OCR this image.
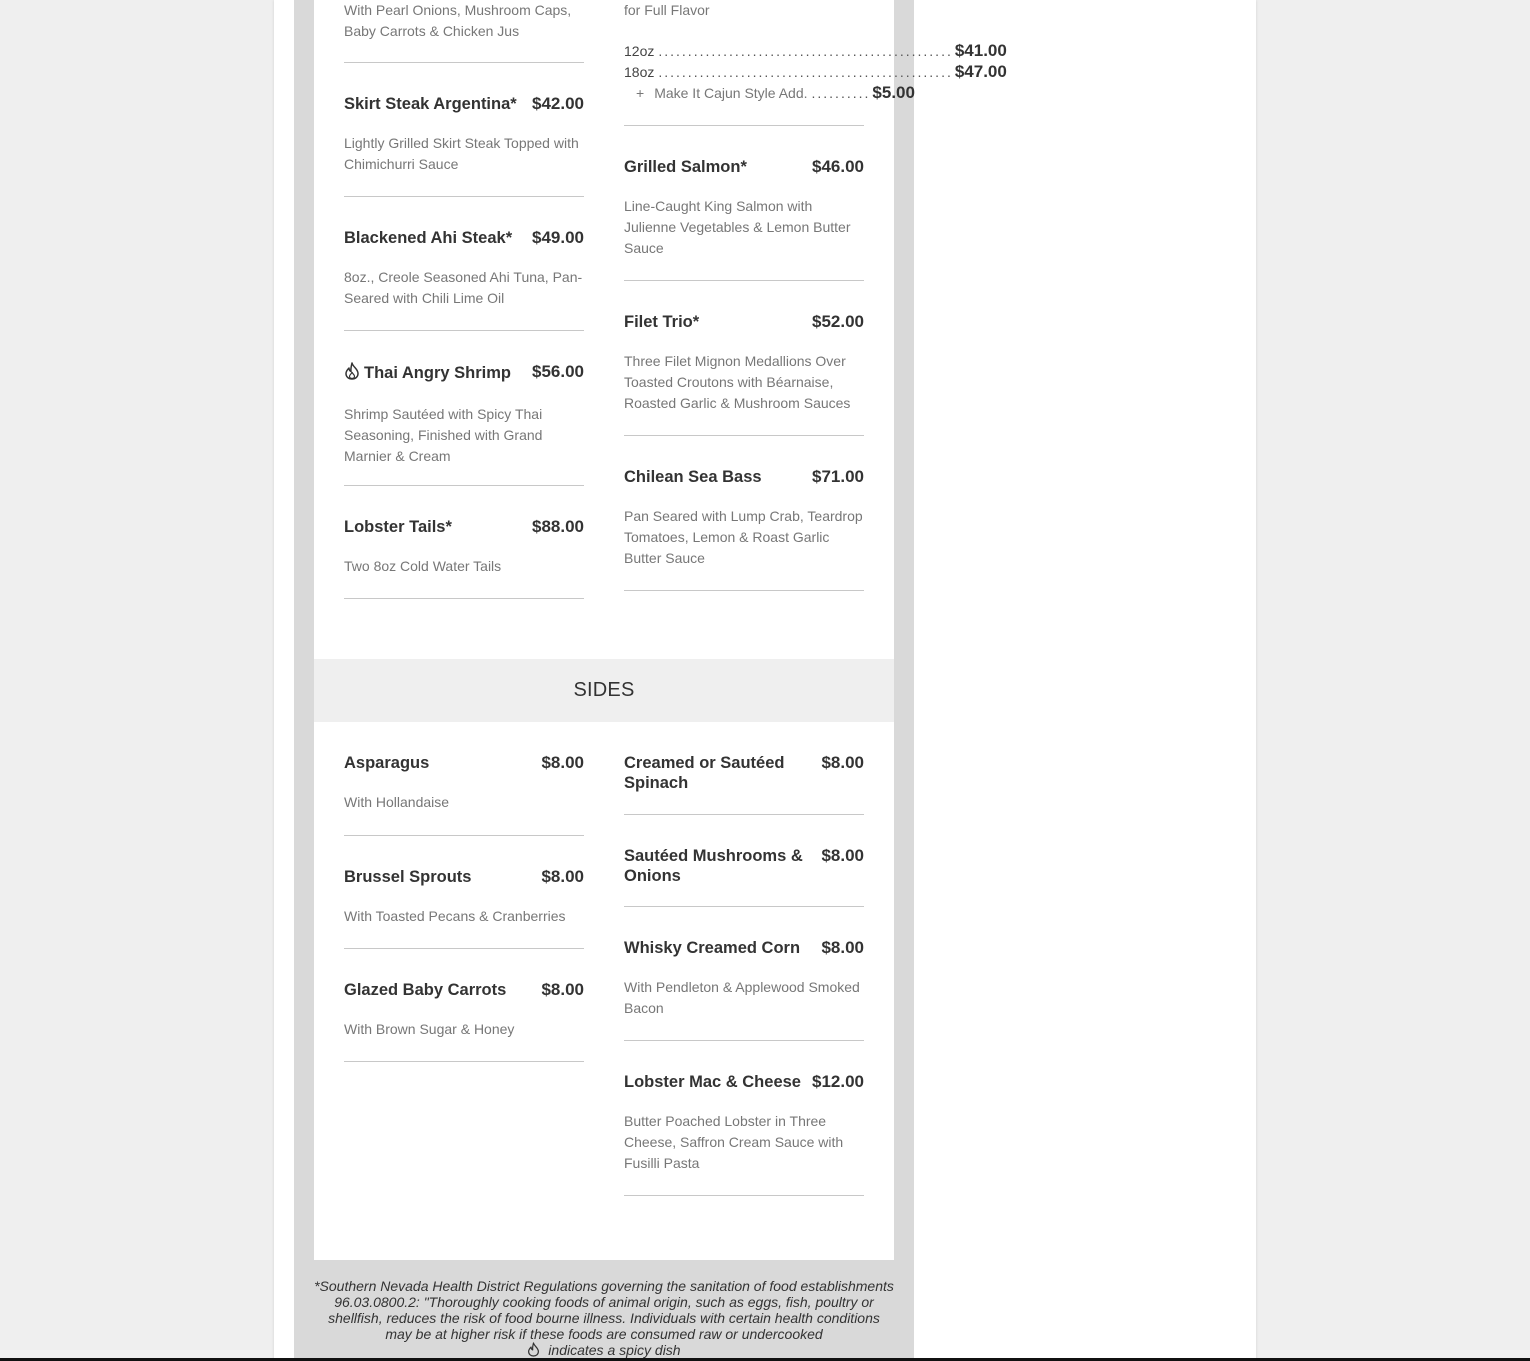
With Pearl Onions, Mushroom Caps, Baby Carrots & Chicken Jus
Skirt Steak Argentina* $42.00
Lightly Grilled Skirt Steak Topped with Chimichurri Sauce
Blackened Ahi Steak*	$49.00
8oz., Creole Seasoned Ahi Tuna, Pan-Seared with Chili Lime Oil
Thai Angry Shrimp	$56.00
Shrimp Sautéed with Spicy Thai Seasoning, Finished with Grand Marnier & Cream
Lobster Tails*	$88.00
Two 8oz Cold Water Tails
for Full Flavor
12oz .................................................. $41.00
18oz .................................................. $47.00
+ Make It Cajun Style Add. .......... $5.00
Grilled Salmon*	$46.00
Line-Caught King Salmon with Julienne Vegetables & Lemon Butter Sauce
Filet Trio*	$52.00
Three Filet Mignon Medallions Over Toasted Croutons with Béarnaise, Roasted Garlic & Mushroom Sauces
Chilean Sea Bass	$71.00
Pan Seared with Lump Crab, Teardrop Tomatoes, Lemon & Roast Garlic Butter Sauce
SIDES
Asparagus	$8.00
With Hollandaise
Brussel Sprouts	$8.00
With Toasted Pecans & Cranberries
Glazed Baby Carrots	$8.00
With Brown Sugar & Honey
Creamed or Sautéed Spinach
$8.00
Sautéed Mushrooms & Onions
$8.00
Whisky Creamed Corn	$8.00
With Pendleton & Applewood Smoked Bacon
Lobster Mac & Cheese $12.00
Butter Poached Lobster in Three Cheese, Saffron Cream Sauce with Fusilli Pasta
*Southern Nevada Health District Regulations governing the sanitation of food establishments 96.03.0800.2: "Thoroughly cooking foods of animal origin, such as eggs, fish, poultry or shellfish, reduces the risk of food bourne illness. Individuals with certain health conditions may be at higher risk if these foods are consumed raw or undercooked
indicates a spicy dish
